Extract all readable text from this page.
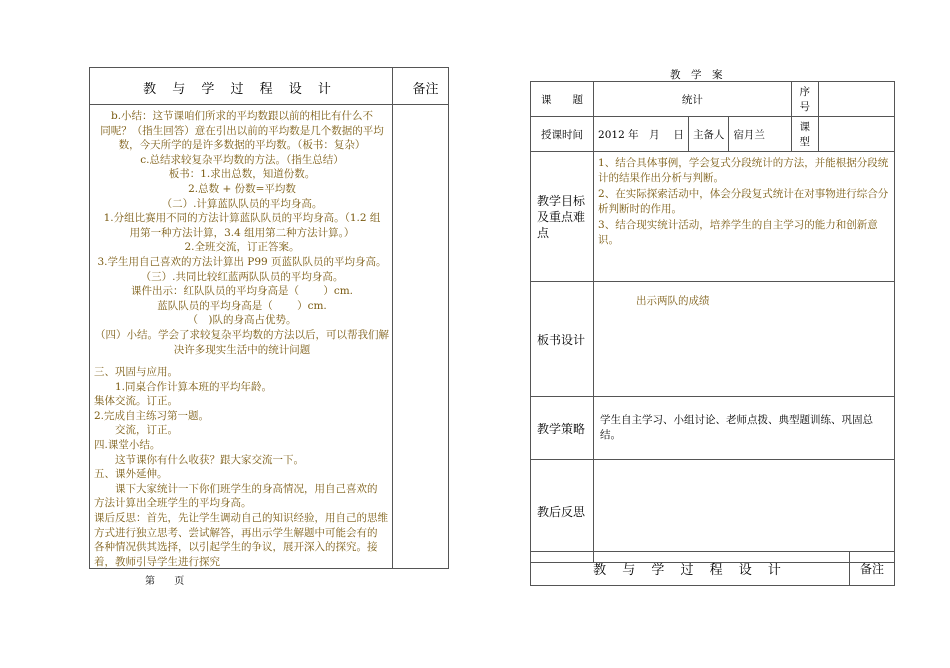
教 与 学 过 程 设 计	备注
b.小结：这节课咱们所求的平均数跟以前的相比有什么不
同呢？（指生回答）意在引出以前的平均数是几个数据的平均
数，今天所学的是许多数据的平均数。（板书：复杂）
c.总结求较复杂平均数的方法。（指生总结）
板书：1.求出总数，知道份数。
2.总数 + 份数=平均数
（二）.计算蓝队队员的平均身高。
1.分组比赛用不同的方法计算蓝队队员的平均身高。（1.2 组
用第一种方法计算，3.4 组用第二种方法计算。）
2.全班交流，订正答案。
3.学生用自己喜欢的方法计算出 P99 页蓝队队员的平均身高。
（三）.共同比较红蓝两队队员的平均身高。
课件出示：红队队员的平均身高是（　　 ）cm.
蓝队队员的平均身高是（　　 ）cm.
（　)队的身高占优势。
（四）小结。学会了求较复杂平均数的方法以后，可以帮我们解
决许多现实生活中的统计问题
三、巩固与应用。
　　1.同桌合作计算本班的平均年龄。
集体交流。订正。
2.完成自主练习第一题。
　　交流，订正。
四.课堂小结。
　　这节课你有什么收获？跟大家交流一下。
五、课外延伸。
　　课下大家统计一下你们班学生的身高情况，用自己喜欢的
方法计算出全班学生的平均身高。
课后反思：首先，先让学生调动自己的知识经验，用自己的思维
方式进行独立思考、尝试解答，再出示学生解题中可能会有的
各种情况供其选择，以引起学生的争议，展开深入的探究。接
着，教师引导学生进行探究
第 页
教　学　案
课　　题	统计			序号	
授课时间	2012 年　月　 日	主备人	宿月兰	课型	
教学目标及重点难点	1、结合具体事例，学会复式分段统计的方法，并能根据分段统计的结果作出分析与判断。
2、在实际探索活动中，体会分段复式统计在对事物进行综合分析判断时的作用。
3、结合现实统计活动，培养学生的自主学习的能力和创新意识。				

板书设计	出示两队的成绩				

教学策略	学生自主学习、小组讨论、老师点拨、典型题训练、巩固总结。				

教后反思					
教 与 学 过 程 设 计	备注
